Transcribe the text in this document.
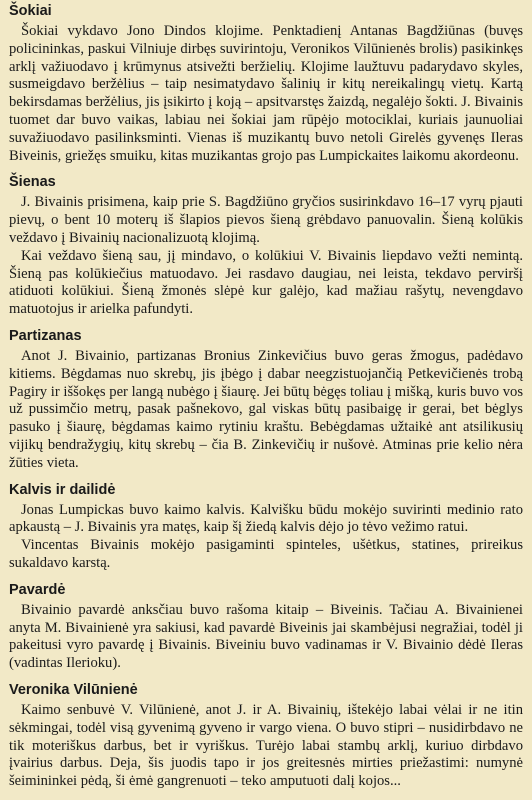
Šokiai

Šokiai vykdavo Jono Dindos klojime. Penktadienį Antanas Bagdžiūnas (buvęs policininkas, paskui Vilniuje dirbęs suvirintoju, Veronikos Vilūnienės brolis) pasikinkęs arklį važiuodavo į krūmynus atsivežti beržielių. Klojime laužtuvu padarydavo skyles, susmeigdavo beržėlius – taip nesimatydavo šalinių ir kitų nereikalingų vietų. Kartą bekirsdamas beržėlius, jis įsikirto į koją – apsitvarstęs žaizdą, negalėjo šokti. J. Bivainis tuomet dar buvo vaikas, labiau nei šokiai jam rūpėjo motociklai, kuriais jaunuoliai suvažiuodavo pasilinksminti. Vienas iš muzikantų buvo netoli Girelės gyvenęs Ileras Biveinis, griežęs smuiku, kitas muzikantas grojo pas Lumpickaites laikomu akordeonu.

Šienas

J. Bivainis prisimena, kaip prie S. Bagdžiūno gryčios susirinkdavo 16–17 vyrų pjauti pievų, o bent 10 moterų iš šlapios pievos šieną grėbdavo panuovalin. Šieną kolūkis veždavo į Bivainių nacionalizuotą klojimą.

Kai veždavo šieną sau, jį mindavo, o kolūkiui V. Bivainis liepdavo vežti nemintą. Šieną pas kolūkiečius matuodavo. Jei rasdavo daugiau, nei leista, tekdavo perviršį atiduoti kolūkiui. Šieną žmonės slėpė kur galėjo, kad mažiau rašytų, nevengdavo matuotojus ir arielka pafundyti.

Partizanas

Anot J. Bivainio, partizanas Bronius Zinkevičius buvo geras žmogus, padėdavo kitiems. Bėgdamas nuo skrebų, jis įbėgo į dabar neegzistuojančią Petkevičienės trobą Pagiry ir iššokęs per langą nubėgo į šiaurę. Jei būtų bėgęs toliau į mišką, kuris buvo vos už pussimčio metrų, pasak pašnekovo, gal viskas būtų pasibaigę ir gerai, bet bėglys pasuko į šiaurę, bėgdamas kaimo rytiniu kraštu. Bebėgdamas užtaikė ant atsilikusių vijikų bendražygių, kitų skrebų – čia B. Zinkevičių ir nušovė. Atminas prie kelio nėra žūties vieta.

Kalvis ir dailidė

Jonas Lumpickas buvo kaimo kalvis. Kalvišku būdu mokėjo suvirinti medinio rato apkaustą – J. Bivainis yra matęs, kaip šį žiedą kalvis dėjo jo tėvo vežimo ratui.

Vincentas Bivainis mokėjo pasigaminti spinteles, ušėtkus, statines, prireikus sukaldavo karstą.

Pavardė

Bivainio pavardė anksčiau buvo rašoma kitaip – Biveinis. Tačiau A. Bivainienei anyta M. Bivainienė yra sakiusi, kad pavardė Biveinis jai skambėjusi negražiai, todėl ji pakeitusi vyro pavardę į Bivainis. Biveiniu buvo vadinamas ir V. Bivainio dėdė Ileras (vadintas Ilerioku).

Veronika Vilūnienė

Kaimo senbuvė V. Vilūnienė, anot J. ir A. Bivainių, ištekėjo labai vėlai ir ne itin sėkmingai, todėl visą gyvenimą gyveno ir vargo viena. O buvo stipri – nusidirbdavo ne tik moteriškus darbus, bet ir vyriškus. Turėjo labai stambų arklį, kuriuo dirbdavo įvairius darbus. Deja, šis juodis tapo ir jos greitesnės mirties priežastimi: numynė šeimininkei pėdą, ši ėmė gangrenuoti – teko amputuoti dalį kojos...
